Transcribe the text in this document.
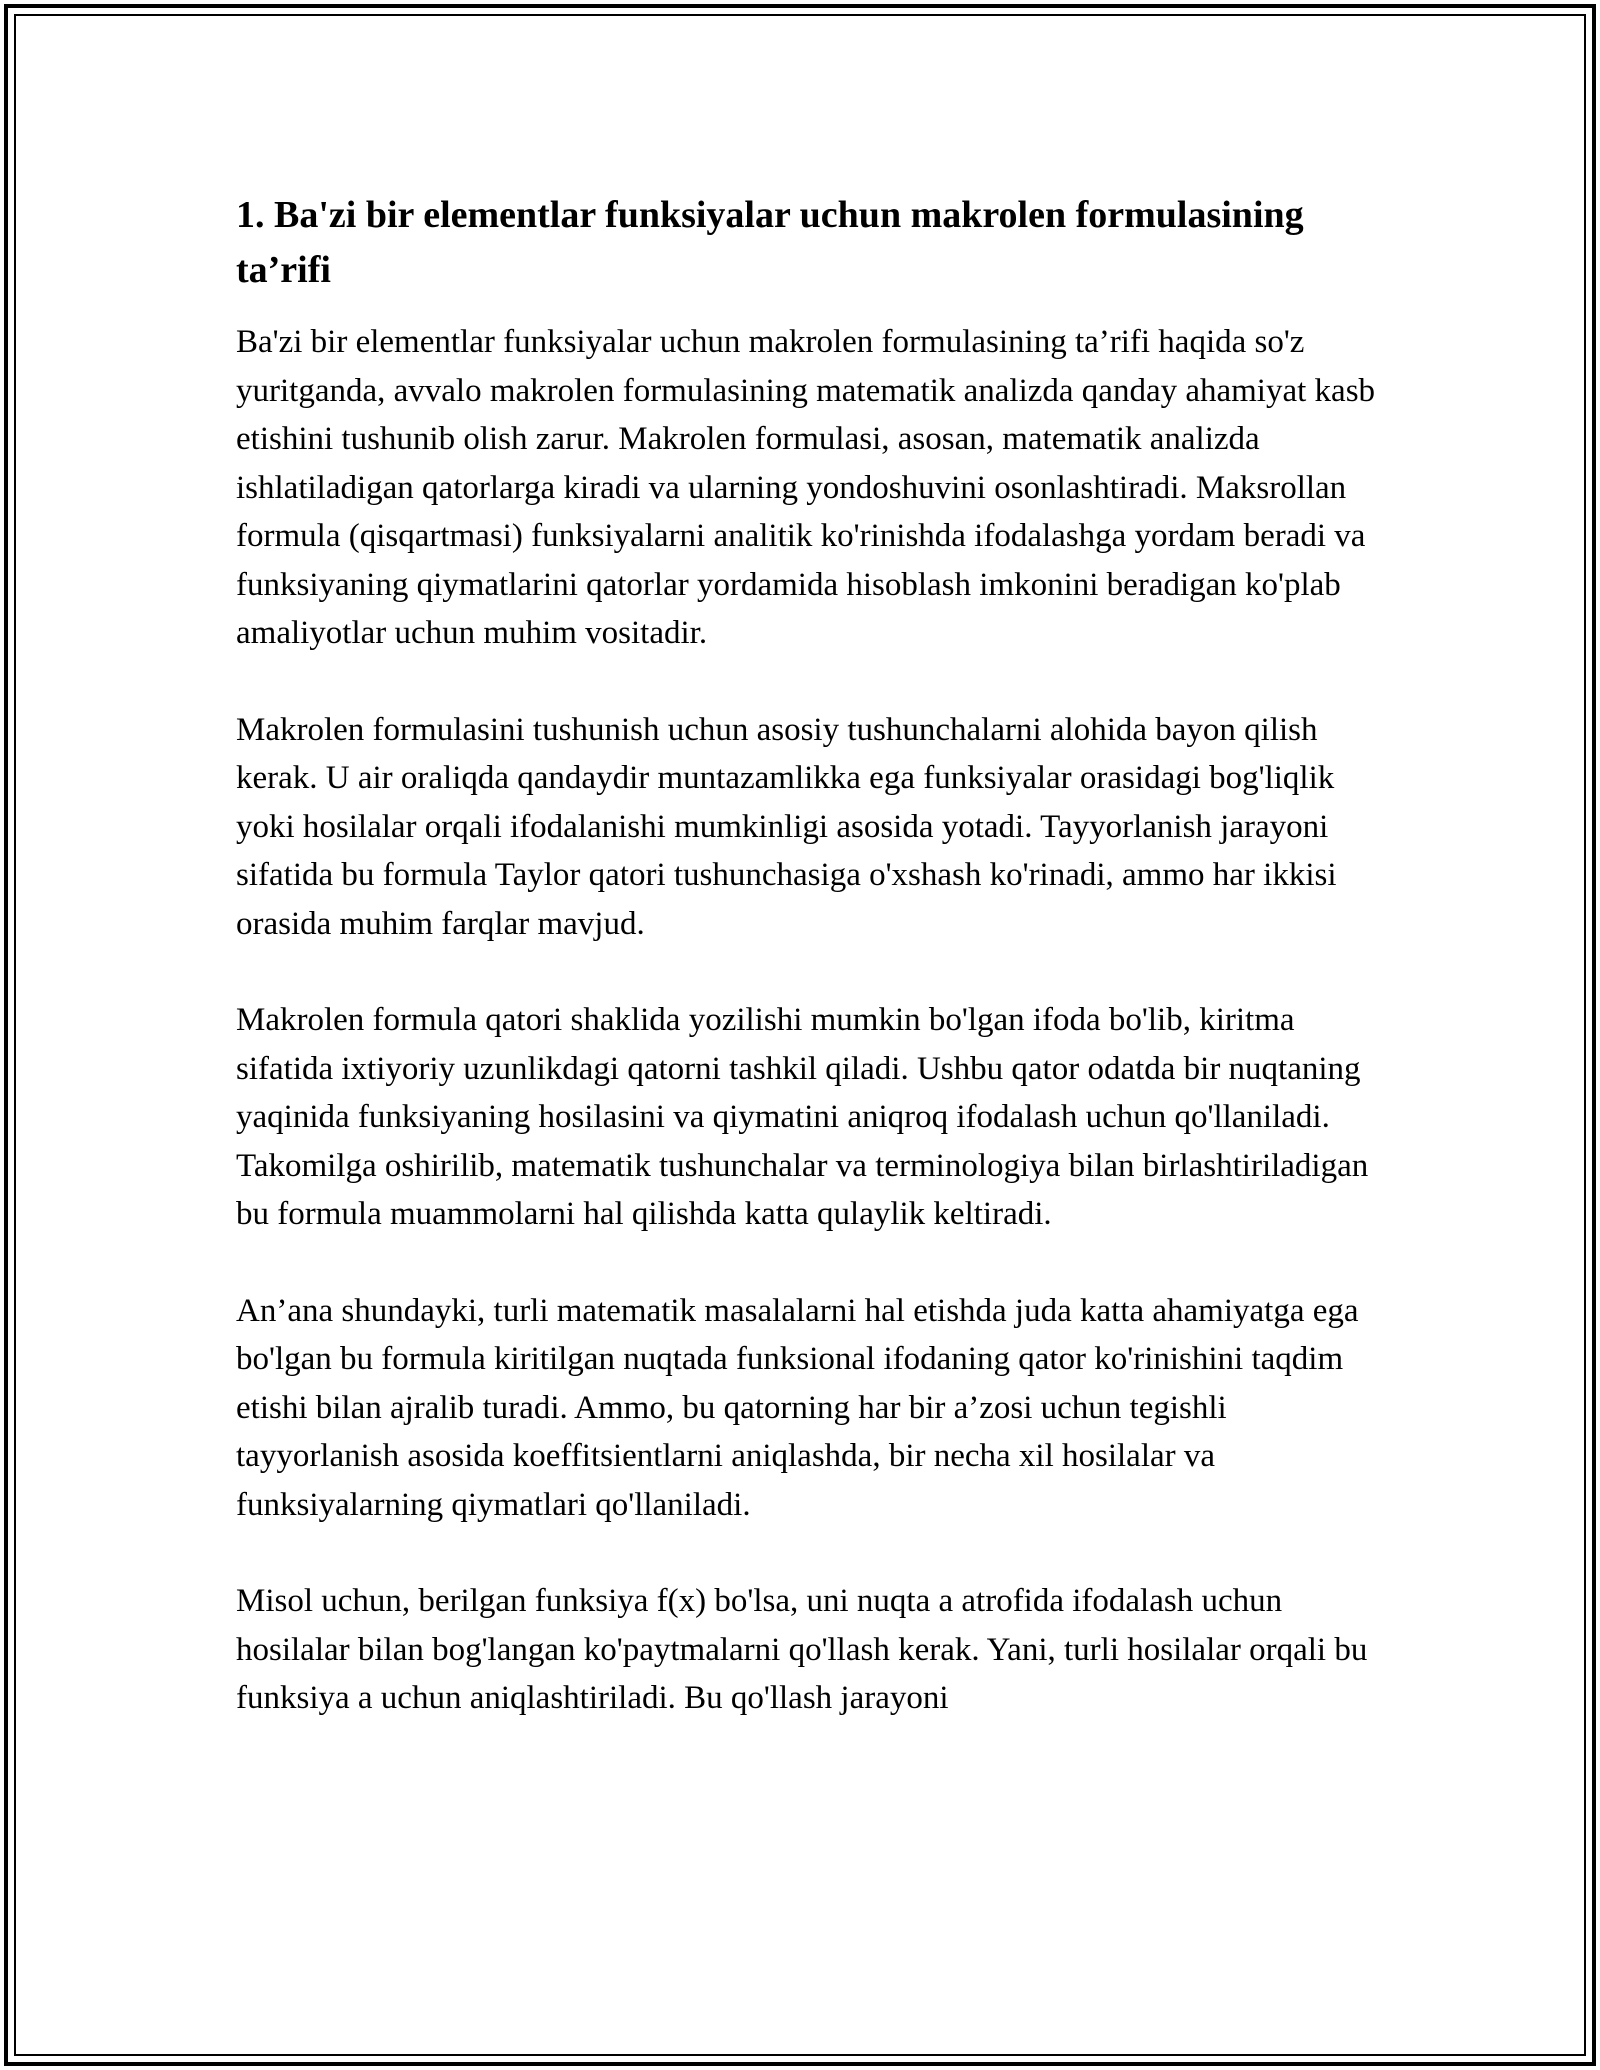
1. Ba'zi bir elementlar funksiyalar uchun makrolen formulasining ta’rifi

Ba'zi bir elementlar funksiyalar uchun makrolen formulasining ta’rifi haqida so'z yuritganda, avvalo makrolen formulasining matematik analizda qanday ahamiyat kasb etishini tushunib olish zarur. Makrolen formulasi, asosan, matematik analizda ishlatiladigan qatorlarga kiradi va ularning yondoshuvini osonlashtiradi. Maksrollan formula (qisqartmasi) funksiyalarni analitik ko'rinishda ifodalashga yordam beradi va funksiyaning qiymatlarini qatorlar yordamida hisoblash imkonini beradigan ko'plab amaliyotlar uchun muhim vositadir.

Makrolen formulasini tushunish uchun asosiy tushunchalarni alohida bayon qilish kerak. U air oraliqda qandaydir muntazamlikka ega funksiyalar orasidagi bog'liqlik yoki hosilalar orqali ifodalanishi mumkinligi asosida yotadi. Tayyorlanish jarayoni sifatida bu formula Taylor qatori tushunchasiga o'xshash ko'rinadi, ammo har ikkisi orasida muhim farqlar mavjud.

Makrolen formula qatori shaklida yozilishi mumkin bo'lgan ifoda bo'lib, kiritma sifatida ixtiyoriy uzunlikdagi qatorni tashkil qiladi. Ushbu qator odatda bir nuqtaning yaqinida funksiyaning hosilasini va qiymatini aniqroq ifodalash uchun qo'llaniladi. Takomilga oshirilib, matematik tushunchalar va terminologiya bilan birlashtiriladigan bu formula muammolarni hal qilishda katta qulaylik keltiradi.

An’ana shundayki, turli matematik masalalarni hal etishda juda katta ahamiyatga ega bo'lgan bu formula kiritilgan nuqtada funksional ifodaning qator ko'rinishini taqdim etishi bilan ajralib turadi. Ammo, bu qatorning har bir a’zosi uchun tegishli tayyorlanish asosida koeffitsientlarni aniqlashda, bir necha xil hosilalar va funksiyalarning qiymatlari qo'llaniladi.

Misol uchun, berilgan funksiya f(x) bo'lsa, uni nuqta a atrofida ifodalash uchun hosilalar bilan bog'langan ko'paytmalarni qo'llash kerak. Yani, turli hosilalar orqali bu funksiya a uchun aniqlashtiriladi. Bu qo'llash jarayoni
